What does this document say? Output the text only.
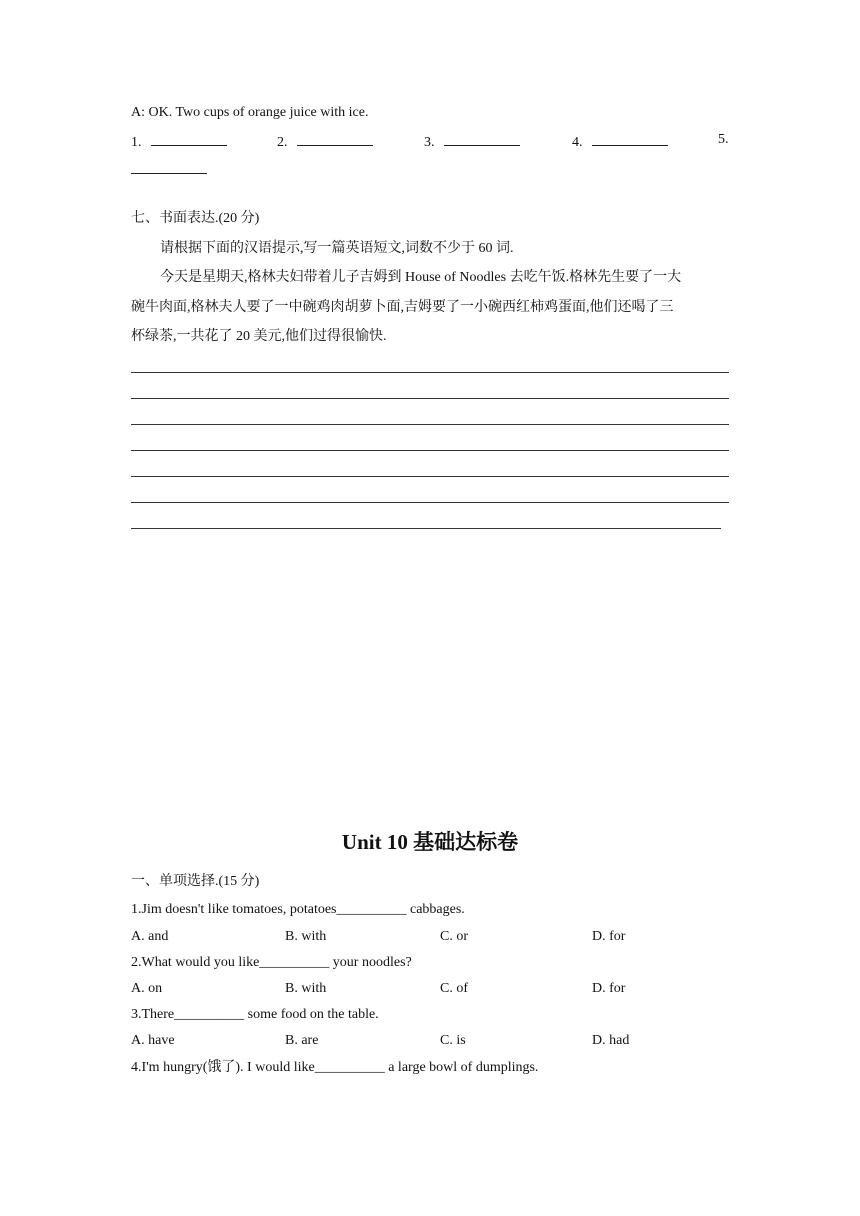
A: OK. Two cups of orange juice with ice.
1.	2.	3.	4.	5.
七、书面表达.(20 分)
请根据下面的汉语提示,写一篇英语短文,词数不少于 60 词.
今天是星期天,格林夫妇带着儿子吉姆到 House of Noodles 去吃午饭.格林先生要了一大
碗牛肉面,格林夫人要了一中碗鸡肉胡萝卜面,吉姆要了一小碗西红柿鸡蛋面,他们还喝了三
杯绿茶,一共花了 20 美元,他们过得很愉快.
Unit 10 基础达标卷
一、单项选择.(15 分)
1.Jim doesn't like tomatoes, potatoes__________ cabbages.
A. and	B. with	C. or	D. for
2.What would you like__________ your noodles?
A. on	B. with	C. of	D. for
3.There__________ some food on the table.
A. have	B. are	C. is	D. had
4.I'm hungry(饿了). I would like__________ a large bowl of dumplings.
